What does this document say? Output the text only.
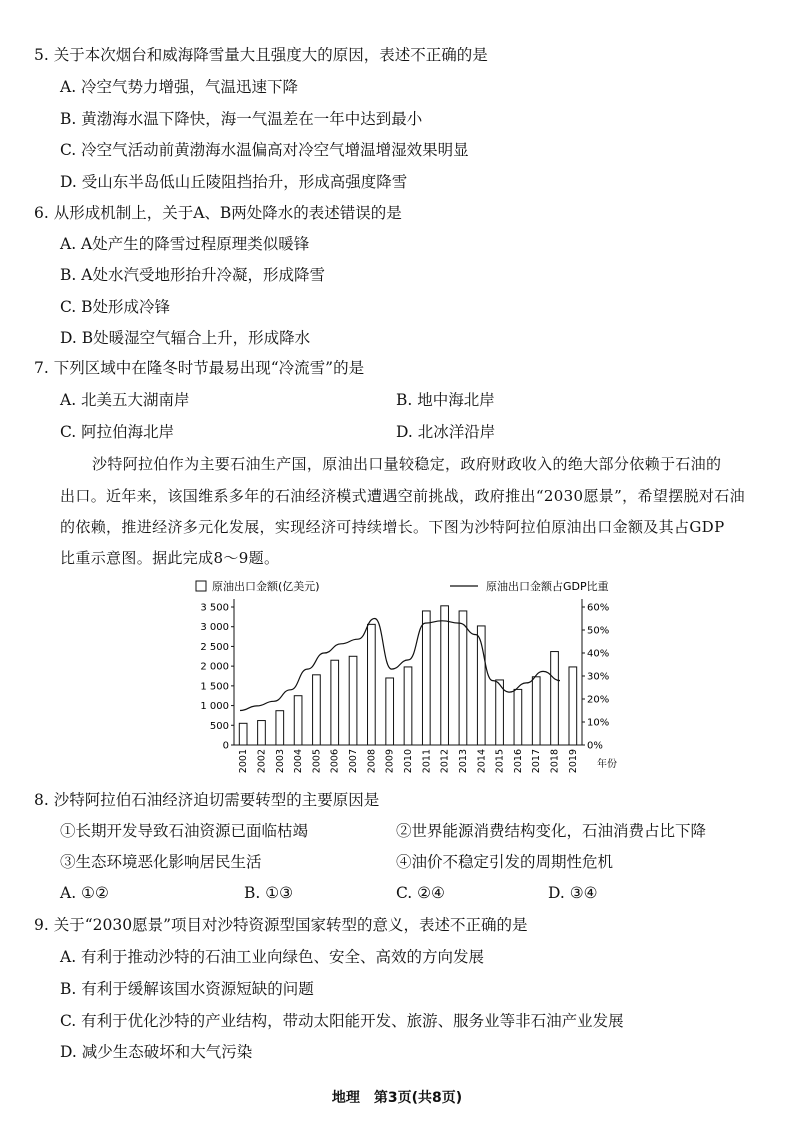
5. 关于本次烟台和威海降雪量大且强度大的原因，表述不正确的是
A. 冷空气势力增强，气温迅速下降
B. 黄渤海水温下降快，海一气温差在一年中达到最小
C. 冷空气活动前黄渤海水温偏高对冷空气增温增湿效果明显
D. 受山东半岛低山丘陵阻挡抬升，形成高强度降雪
6. 从形成机制上，关于A、B两处降水的表述错误的是
A. A处产生的降雪过程原理类似暖锋
B. A处水汽受地形抬升冷凝，形成降雪
C. B处形成冷锋
D. B处暖湿空气辐合上升，形成降水
7. 下列区域中在隆冬时节最易出现“冷流雪”的是
A. 北美五大湖南岸	B. 地中海北岸
C. 阿拉伯海北岸	D. 北冰洋沿岸
沙特阿拉伯作为主要石油生产国，原油出口量较稳定，政府财政收入的绝大部分依赖于石油的
出口。近年来，该国维系多年的石油经济模式遭遇空前挑战，政府推出“2030愿景”，希望摆脱对石油
的依赖，推进经济多元化发展，实现经济可持续增长。下图为沙特阿拉伯原油出口金额及其占GDP
比重示意图。据此完成8～9题。
原油出口金额(亿美元)	原油出口金额占GDP比重
0
500
1 000
1 500
2 000
2 500
3 000
3 500
0%
10%
20%
30%
40%
50%
60%
2001 2002 2003 2004 2005 2006 2007 2008 2009 2010 2011 2012 2013 2014 2015 2016 2017 2018 2019 年份
8. 沙特阿拉伯石油经济迫切需要转型的主要原因是
①长期开发导致石油资源已面临枯竭	②世界能源消费结构变化，石油消费占比下降
③生态环境恶化影响居民生活	④油价不稳定引发的周期性危机
A. ①②	B. ①③	C. ②④	D. ③④
9. 关于“2030愿景”项目对沙特资源型国家转型的意义，表述不正确的是
A. 有利于推动沙特的石油工业向绿色、安全、高效的方向发展
B. 有利于缓解该国水资源短缺的问题
C. 有利于优化沙特的产业结构，带动太阳能开发、旅游、服务业等非石油产业发展
D. 减少生态破坏和大气污染
地理　第3页(共8页)
